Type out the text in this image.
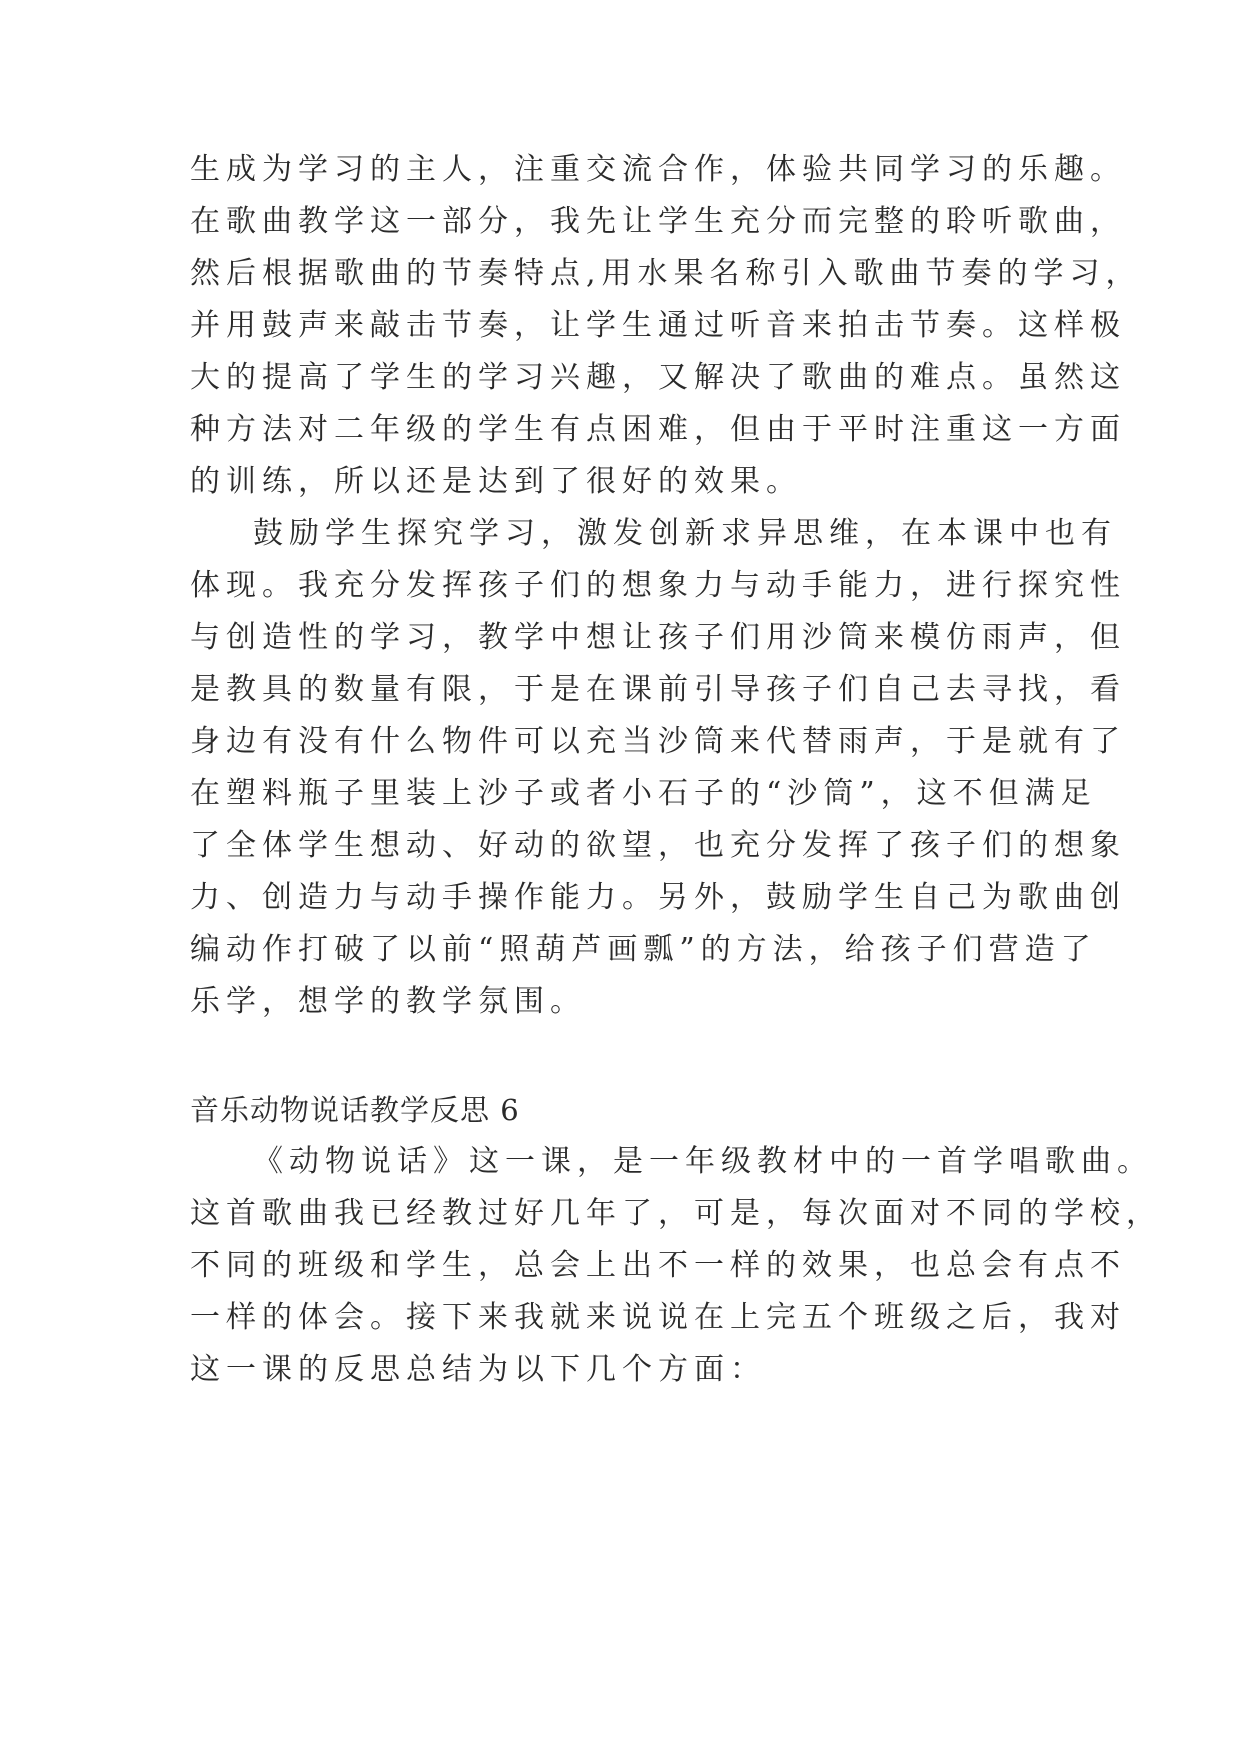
生成为学习的主人，注重交流合作，体验共同学习的乐趣。
在歌曲教学这一部分，我先让学生充分而完整的聆听歌曲，
然后根据歌曲的节奏特点,用水果名称引入歌曲节奏的学习，
并用鼓声来敲击节奏，让学生通过听音来拍击节奏。这样极
大的提高了学生的学习兴趣，又解决了歌曲的难点。虽然这
种方法对二年级的学生有点困难，但由于平时注重这一方面
的训练，所以还是达到了很好的效果。
鼓励学生探究学习，激发创新求异思维，在本课中也有
体现。我充分发挥孩子们的想象力与动手能力，进行探究性
与创造性的学习，教学中想让孩子们用沙筒来模仿雨声，但
是教具的数量有限，于是在课前引导孩子们自己去寻找，看
身边有没有什么物件可以充当沙筒来代替雨声，于是就有了
在塑料瓶子里装上沙子或者小石子的“沙筒”，这不但满足
了全体学生想动、好动的欲望，也充分发挥了孩子们的想象
力、创造力与动手操作能力。另外，鼓励学生自己为歌曲创
编动作打破了以前“照葫芦画瓢”的方法，给孩子们营造了
乐学，想学的教学氛围。
音乐动物说话教学反思 6
《动物说话》这一课，是一年级教材中的一首学唱歌曲。
这首歌曲我已经教过好几年了，可是，每次面对不同的学校，
不同的班级和学生，总会上出不一样的效果，也总会有点不
一样的体会。接下来我就来说说在上完五个班级之后，我对
这一课的反思总结为以下几个方面：
